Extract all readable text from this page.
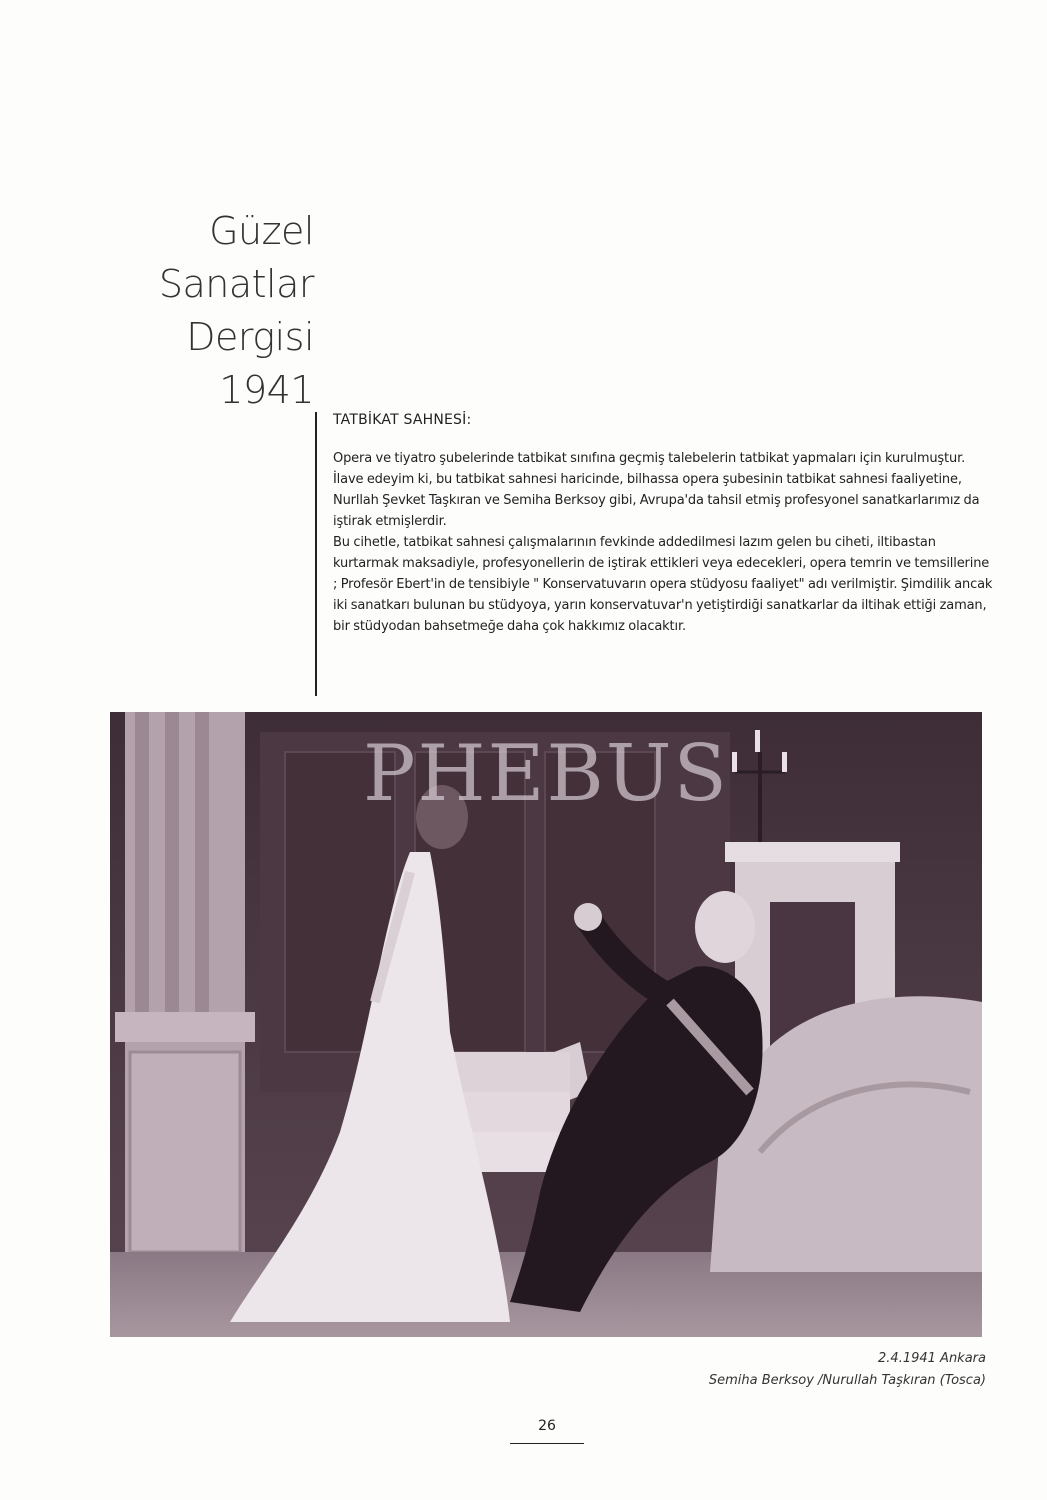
Güzel
Sanatlar
Dergisi
1941
TATBİKAT SAHNESİ:

Opera ve tiyatro şubelerinde tatbikat sınıfına geçmiş talebelerin tatbikat yapmaları için kurulmuştur. İlave edeyim ki, bu tatbikat sahnesi haricinde, bilhassa opera şubesinin tatbikat sahnesi faaliyetine, Nurllah Şevket Taşkıran ve Semiha Berksoy gibi, Avrupa'da tahsil etmiş profesyonel sanatkarlarımız da iştirak etmişlerdir.

Bu cihetle, tatbikat sahnesi çalışmalarının fevkinde addedilmesi lazım gelen bu ciheti, iltibastan kurtarmak maksadiyle, profesyonellerin de iştirak ettikleri veya edecekleri, opera temrin ve temsillerine ; Profesör Ebert'in de tensibiyle " Konservatuvarın opera stüdyosu faaliyet" adı verilmiştir. Şimdilik ancak iki sanatkarı bulunan bu stüdyoya, yarın konservatuvar'n yetiştirdiği sanatkarlar da iltihak ettiği zaman, bir stüdyodan bahsetmeğe daha çok hakkımız olacaktır.

PHEBUS
2.4.1941 Ankara
Semiha Berksoy /Nurullah Taşkıran (Tosca)
26
